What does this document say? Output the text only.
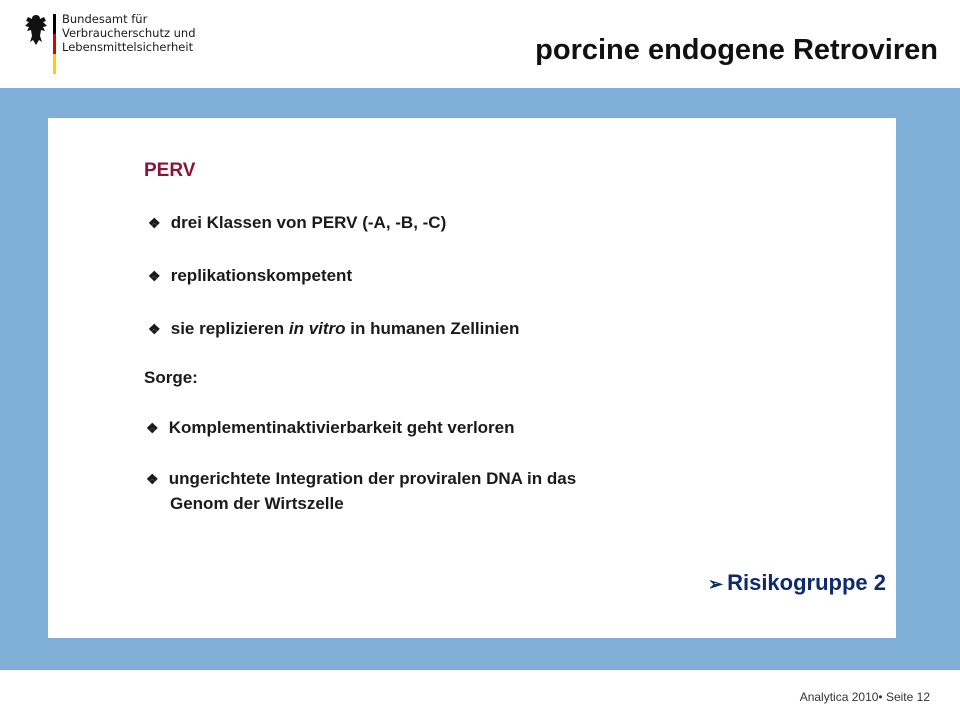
Bundesamt für
Verbraucherschutz und
Lebensmittelsicherheit	porcine endogene Retroviren
PERV
❖ drei Klassen von PERV (-A, -B, -C)
❖ replikationskompetent
❖ sie replizieren in vitro in humanen Zellinien
Sorge:
❖ Komplementinaktivierbarkeit geht verloren
❖ ungerichtete Integration der proviralen DNA in das
Genom der Wirtszelle
➢ Risikogruppe 2
Analytica 2010• Seite 12
